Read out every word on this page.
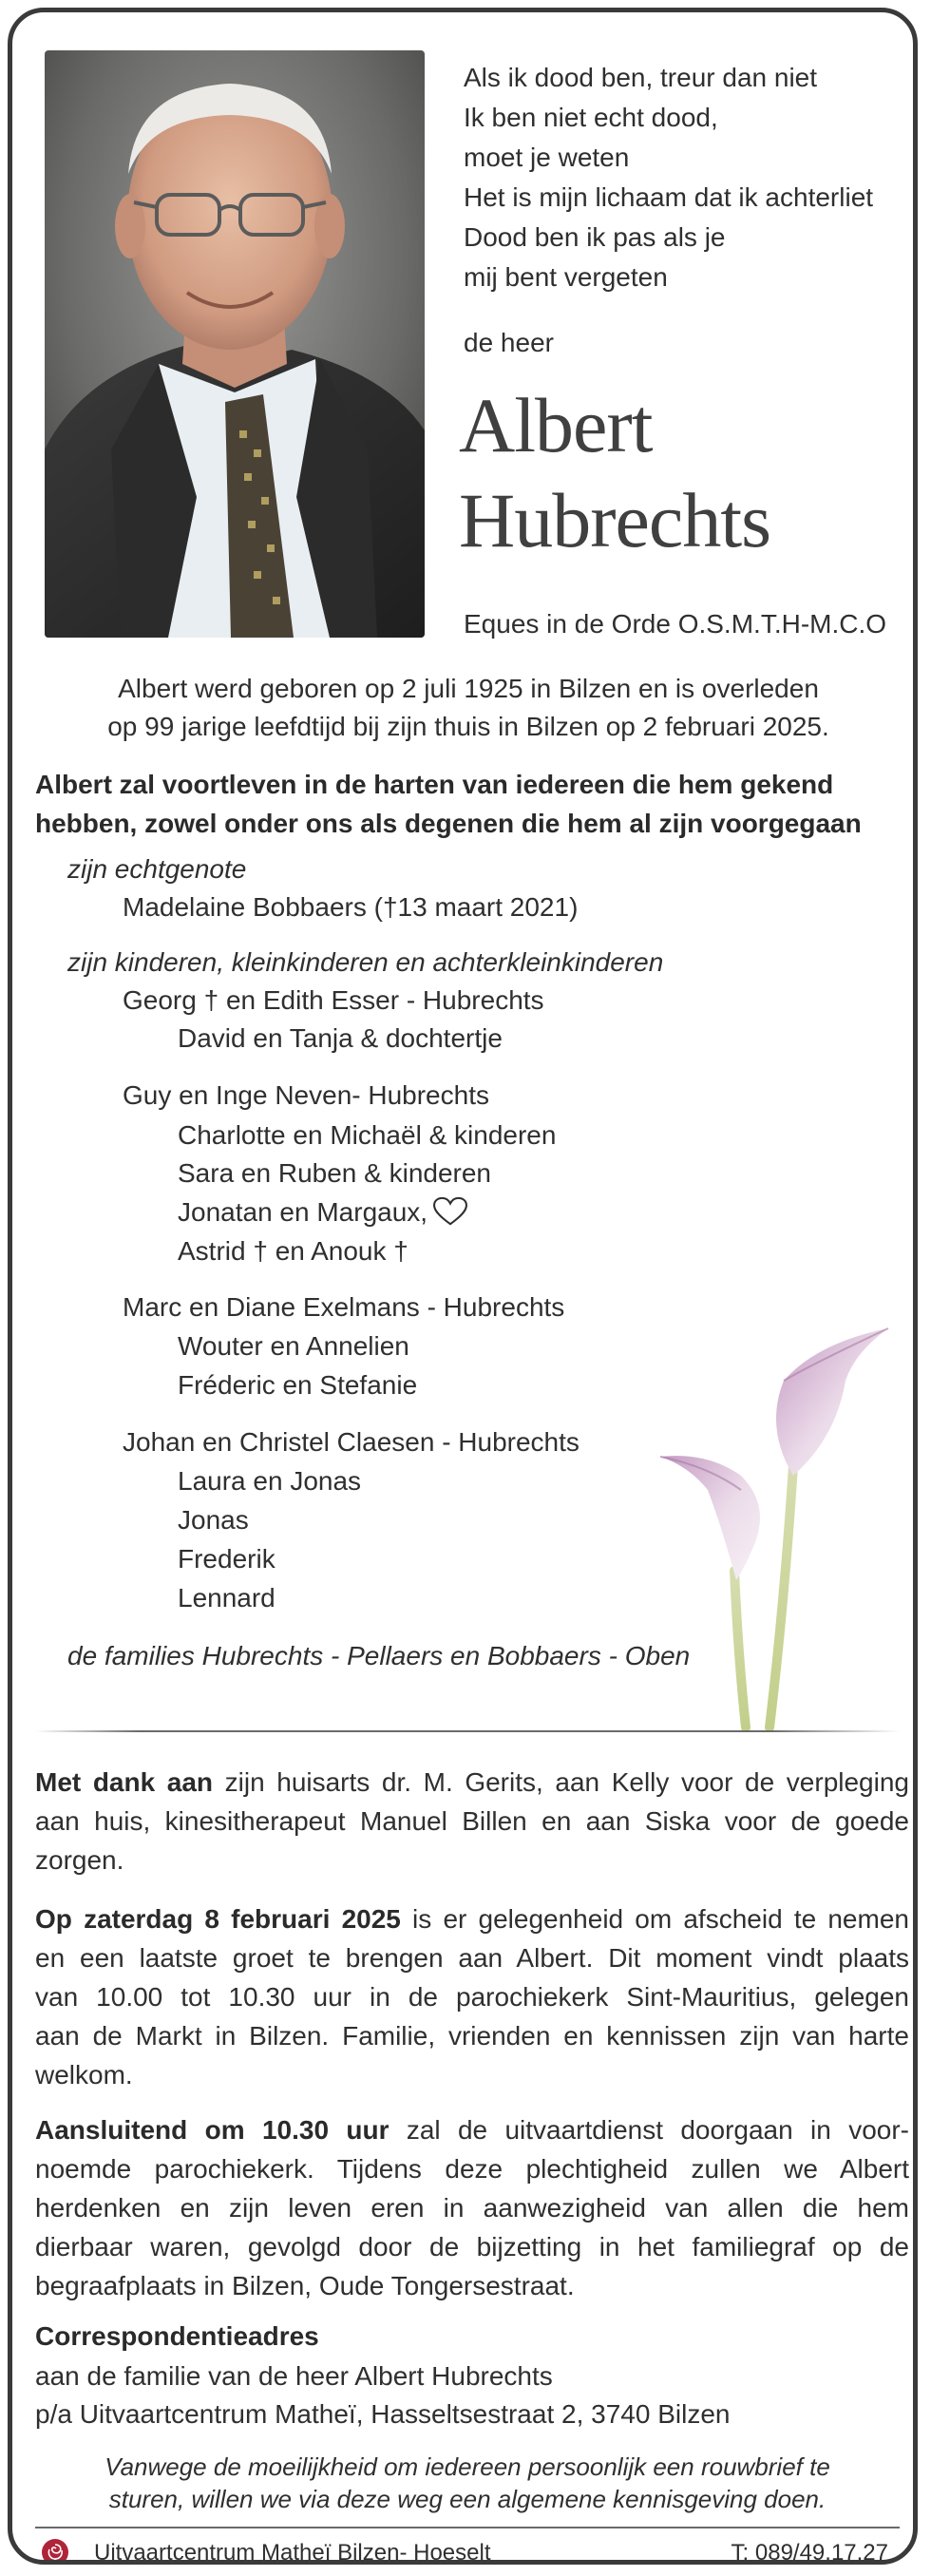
Als ik dood ben, treur dan niet
Ik ben niet echt dood,
moet je weten
Het is mijn lichaam dat ik achterliet
Dood ben ik pas als je
mij bent vergeten
de heer
Albert
Hubrechts
Eques in de Orde O.S.M.T.H-M.C.O
Albert werd geboren op 2 juli 1925 in Bilzen en is overleden
op 99 jarige leefdtijd bij zijn thuis in Bilzen op 2 februari 2025.
Albert zal voortleven in de harten van iedereen die hem gekend
hebben, zowel onder ons als degenen die hem al zijn voorgegaan
zijn echtgenote
Madelaine Bobbaers (†13 maart 2021)
zijn kinderen, kleinkinderen en achterkleinkinderen
Georg † en Edith Esser - Hubrechts
David en Tanja & dochtertje
Guy en Inge Neven- Hubrechts
Charlotte en Michaël & kinderen
Sara en Ruben & kinderen
Jonatan en Margaux,
Astrid † en Anouk †
Marc en Diane Exelmans - Hubrechts
Wouter en Annelien
Fréderic en Stefanie
Johan en Christel Claesen - Hubrechts
Laura en Jonas
Jonas
Frederik
Lennard
de families Hubrechts - Pellaers en Bobbaers - Oben
Met dank aan zijn huisarts dr. M. Gerits, aan Kelly voor de verpleging
aan huis, kinesitherapeut Manuel Billen en aan Siska voor de goede
zorgen.
Op zaterdag 8 februari 2025 is er gelegenheid om afscheid te nemen
en een laatste groet te brengen aan Albert. Dit moment vindt plaats
van 10.00 tot 10.30 uur in de parochiekerk Sint-Mauritius, gelegen
aan de Markt in Bilzen. Familie, vrienden en kennissen zijn van harte
welkom.
Aansluitend om 10.30 uur zal de uitvaartdienst doorgaan in voor-
noemde parochiekerk. Tijdens deze plechtigheid zullen we Albert
herdenken en zijn leven eren in aanwezigheid van allen die hem
dierbaar waren, gevolgd door de bijzetting in het familiegraf op de
begraafplaats in Bilzen, Oude Tongersestraat.
Correspondentieadres
aan de familie van de heer Albert Hubrechts
p/a Uitvaartcentrum Matheï, Hasseltsestraat 2, 3740 Bilzen
Vanwege de moeilijkheid om iedereen persoonlijk een rouwbrief te
sturen, willen we via deze weg een algemene kennisgeving doen.
Uitvaartcentrum Matheï Bilzen- Hoeselt	T: 089/49.17.27
